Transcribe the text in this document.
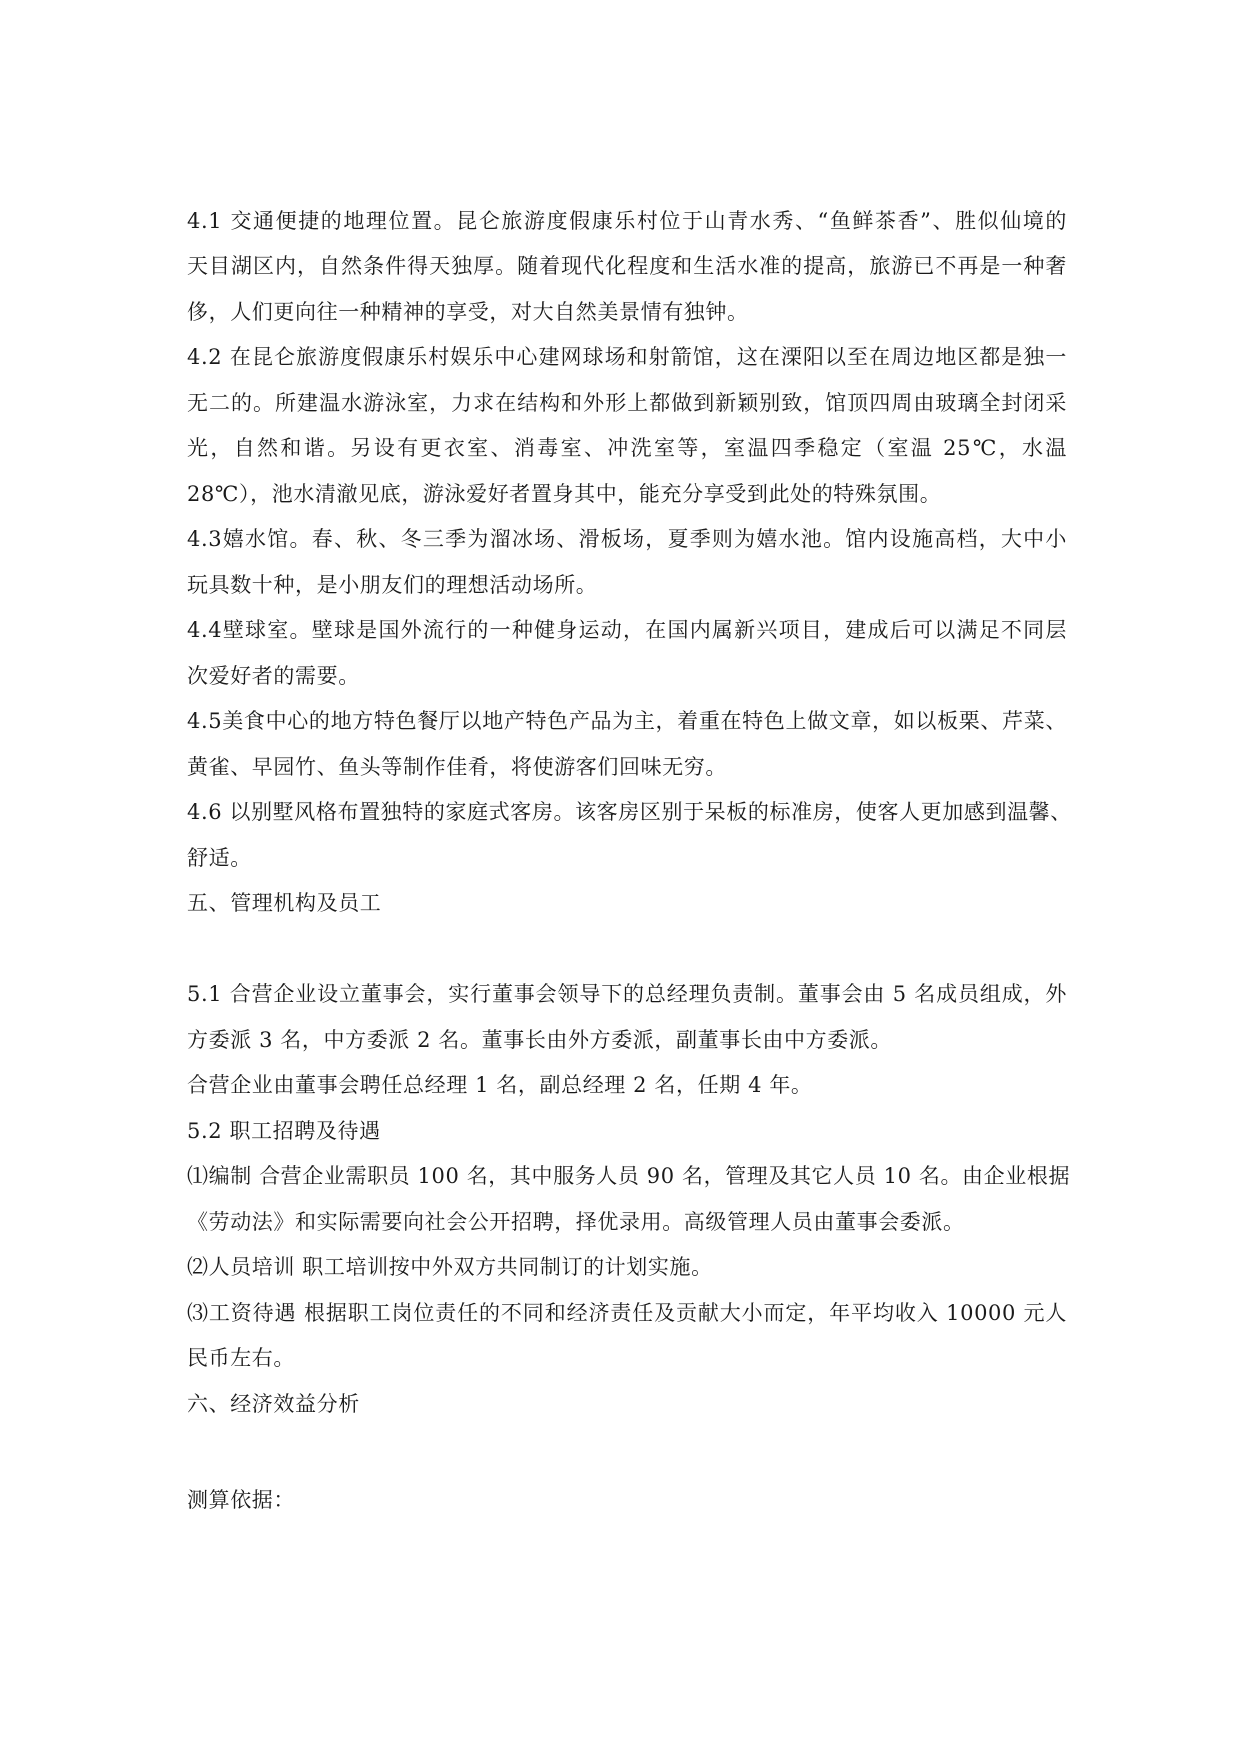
4.1 交通便捷的地理位置。昆仑旅游度假康乐村位于山青水秀、“鱼鲜茶香”、胜似仙境的
天目湖区内，自然条件得天独厚。随着现代化程度和生活水准的提高，旅游已不再是一种奢
侈，人们更向往一种精神的享受，对大自然美景情有独钟。
4.2 在昆仑旅游度假康乐村娱乐中心建网球场和射箭馆，这在溧阳以至在周边地区都是独一
无二的。所建温水游泳室，力求在结构和外形上都做到新颖别致，馆顶四周由玻璃全封闭采
光，自然和谐。另设有更衣室、消毒室、冲洗室等，室温四季稳定（室温 25℃，水温
28℃），池水清澈见底，游泳爱好者置身其中，能充分享受到此处的特殊氛围。
4.3嬉水馆。春、秋、冬三季为溜冰场、滑板场，夏季则为嬉水池。馆内设施高档，大中小
玩具数十种，是小朋友们的理想活动场所。
4.4壁球室。壁球是国外流行的一种健身运动，在国内属新兴项目，建成后可以满足不同层
次爱好者的需要。
4.5美食中心的地方特色餐厅以地产特色产品为主，着重在特色上做文章，如以板栗、芹菜、
黄雀、早园竹、鱼头等制作佳肴，将使游客们回味无穷。
4.6 以别墅风格布置独特的家庭式客房。该客房区别于呆板的标准房，使客人更加感到温馨、
舒适。
五、管理机构及员工
5.1 合营企业设立董事会，实行董事会领导下的总经理负责制。董事会由 5 名成员组成，外
方委派 3 名，中方委派 2 名。董事长由外方委派，副董事长由中方委派。
合营企业由董事会聘任总经理 1 名，副总经理 2 名，任期 4 年。
5.2 职工招聘及待遇
⑴编制 合营企业需职员 100 名，其中服务人员 90 名，管理及其它人员 10 名。由企业根据
《劳动法》和实际需要向社会公开招聘，择优录用。高级管理人员由董事会委派。
⑵人员培训 职工培训按中外双方共同制订的计划实施。
⑶工资待遇 根据职工岗位责任的不同和经济责任及贡献大小而定，年平均收入 10000 元人
民币左右。
六、经济效益分析
测算依据：
